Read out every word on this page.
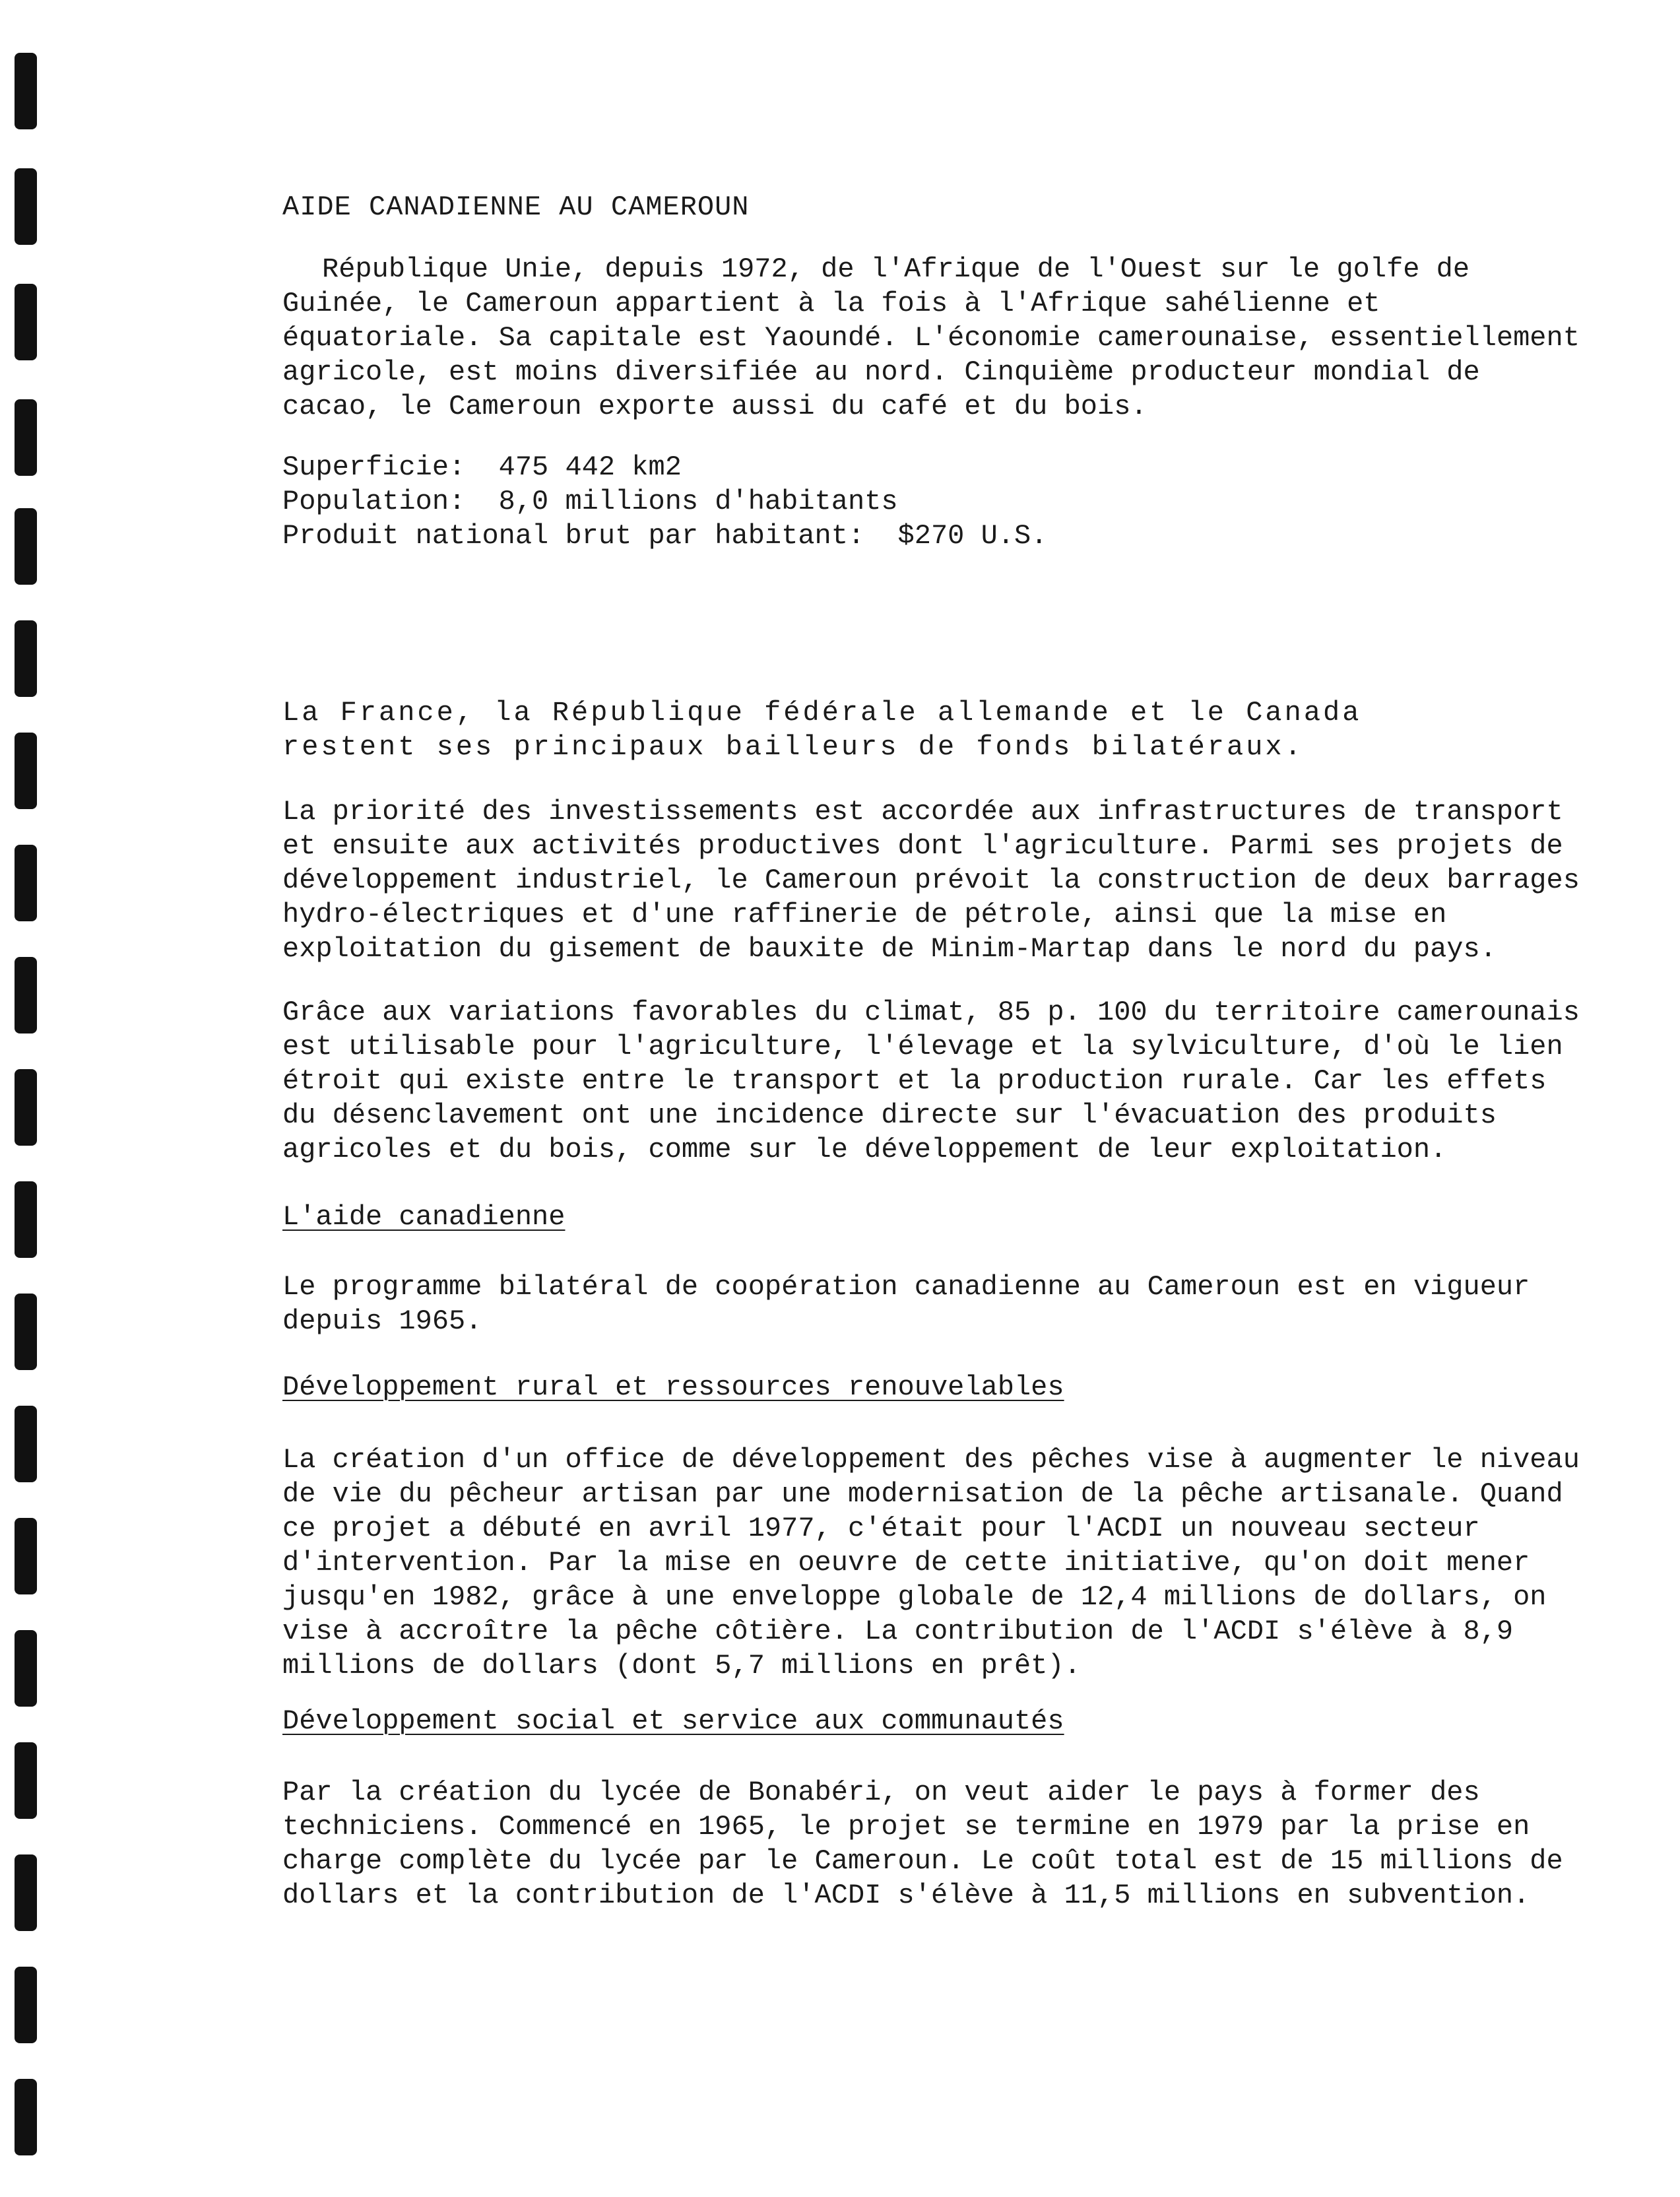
AIDE CANADIENNE AU CAMEROUN

République Unie, depuis 1972, de l'Afrique de l'Ouest sur le golfe de Guinée, le Cameroun appartient à la fois à l'Afrique sahélienne et équatoriale. Sa capitale est Yaoundé. L'économie camerounaise, essentiellement agricole, est moins diversifiée au nord. Cinquième producteur mondial de cacao, le Cameroun exporte aussi du café et du bois.

Superficie:  475 442 km2
Population:  8,0 millions d'habitants
Produit national brut par habitant:  $270 U.S.

La France, la République fédérale allemande et le Canada restent ses principaux bailleurs de fonds bilatéraux.

La priorité des investissements est accordée aux infrastructures de transport et ensuite aux activités productives dont l'agriculture. Parmi ses projets de développement industriel, le Cameroun prévoit la construction de deux barrages hydro-électriques et d'une raffinerie de pétrole, ainsi que la mise en exploitation du gisement de bauxite de Minim-Martap dans le nord du pays.

Grâce aux variations favorables du climat, 85 p. 100 du territoire camerounais est utilisable pour l'agriculture, l'élevage et la sylviculture, d'où le lien étroit qui existe entre le transport et la production rurale. Car les effets du désenclavement ont une incidence directe sur l'évacuation des produits agricoles et du bois, comme sur le développement de leur exploitation.

L'aide canadienne

Le programme bilatéral de coopération canadienne au Cameroun est en vigueur depuis 1965.

Développement rural et ressources renouvelables

La création d'un office de développement des pêches vise à augmenter le niveau de vie du pêcheur artisan par une modernisation de la pêche artisanale. Quand ce projet a débuté en avril 1977, c'était pour l'ACDI un nouveau secteur d'intervention. Par la mise en oeuvre de cette initiative, qu'on doit mener jusqu'en 1982, grâce à une enveloppe globale de 12,4 millions de dollars, on vise à accroître la pêche côtière. La contribution de l'ACDI s'élève à 8,9 millions de dollars (dont 5,7 millions en prêt).

Développement social et service aux communautés

Par la création du lycée de Bonabéri, on veut aider le pays à former des techniciens. Commencé en 1965, le projet se termine en 1979 par la prise en charge complète du lycée par le Cameroun. Le coût total est de 15 millions de dollars et la contribution de l'ACDI s'élève à 11,5 millions en subvention.
